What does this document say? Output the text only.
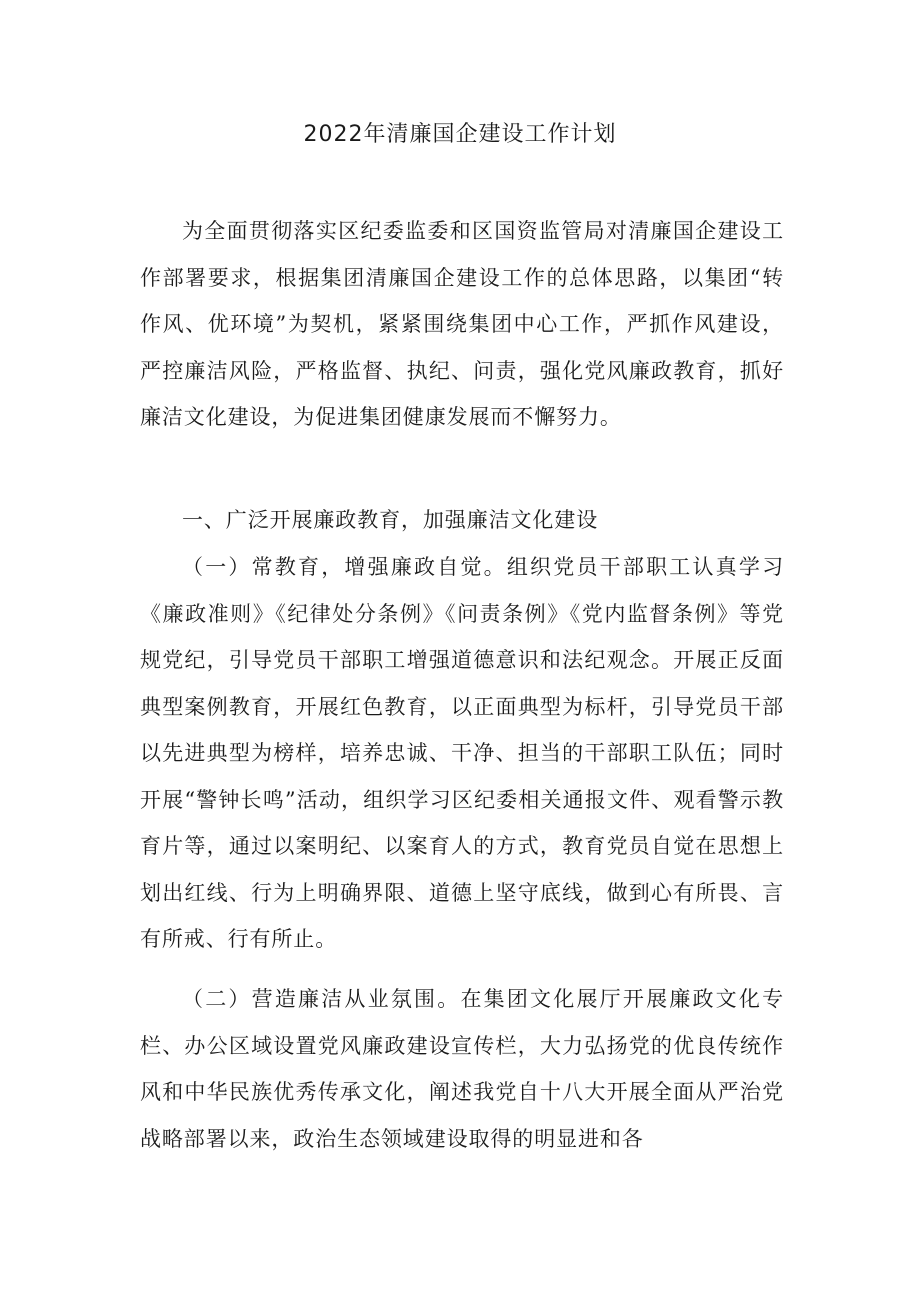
2022年清廉国企建设工作计划

为全面贯彻落实区纪委监委和区国资监管局对清廉国企建设工作部署要求，根据集团清廉国企建设工作的总体思路，以集团“转作风、优环境”为契机，紧紧围绕集团中心工作，严抓作风建设，严控廉洁风险，严格监督、执纪、问责，强化党风廉政教育，抓好廉洁文化建设，为促进集团健康发展而不懈努力。

一、广泛开展廉政教育，加强廉洁文化建设

（一）常教育，增强廉政自觉。组织党员干部职工认真学习《廉政准则》《纪律处分条例》《问责条例》《党内监督条例》等党规党纪，引导党员干部职工增强道德意识和法纪观念。开展正反面典型案例教育，开展红色教育，以正面典型为标杆，引导党员干部以先进典型为榜样，培养忠诚、干净、担当的干部职工队伍；同时开展“警钟长鸣”活动，组织学习区纪委相关通报文件、观看警示教育片等，通过以案明纪、以案育人的方式，教育党员自觉在思想上划出红线、行为上明确界限、道德上坚守底线，做到心有所畏、言有所戒、行有所止。

（二）营造廉洁从业氛围。在集团文化展厅开展廉政文化专栏、办公区域设置党风廉政建设宣传栏，大力弘扬党的优良传统作风和中华民族优秀传承文化，阐述我党自十八大开展全面从严治党战略部署以来，政治生态领域建设取得的明显进和各
